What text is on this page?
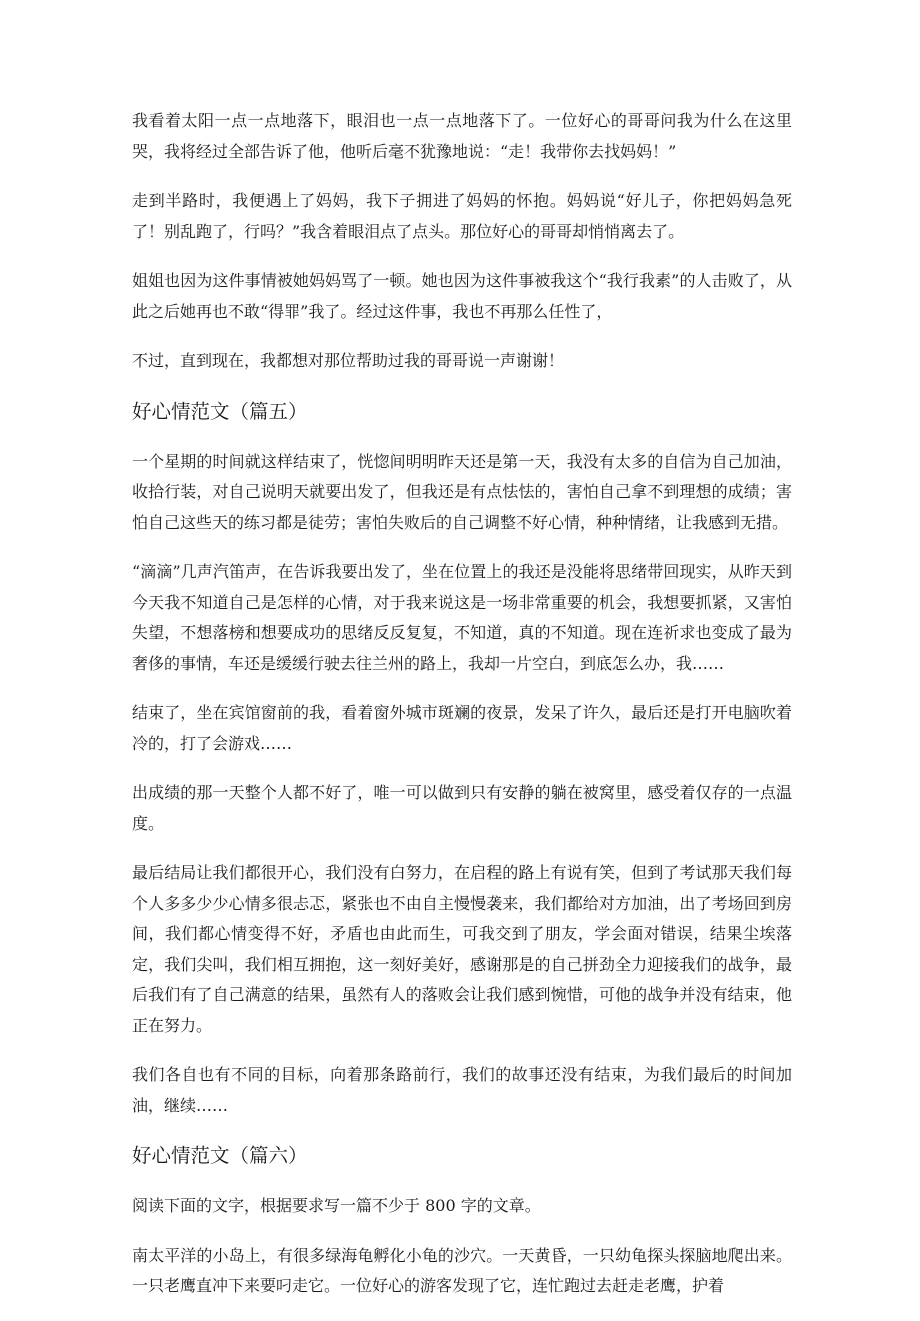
我看着太阳一点一点地落下，眼泪也一点一点地落下了。一位好心的哥哥问我为什么在这里哭，我将经过全部告诉了他，他听后毫不犹豫地说：“走！我带你去找妈妈！”

走到半路时，我便遇上了妈妈，我下子拥进了妈妈的怀抱。妈妈说“好儿子，你把妈妈急死了！别乱跑了，行吗？”我含着眼泪点了点头。那位好心的哥哥却悄悄离去了。

姐姐也因为这件事情被她妈妈骂了一顿。她也因为这件事被我这个“我行我素”的人击败了，从此之后她再也不敢“得罪”我了。经过这件事，我也不再那么任性了，

不过，直到现在，我都想对那位帮助过我的哥哥说一声谢谢！

好心情范文（篇五）

一个星期的时间就这样结束了，恍惚间明明昨天还是第一天，我没有太多的自信为自己加油，收拾行装，对自己说明天就要出发了，但我还是有点怯怯的，害怕自己拿不到理想的成绩；害怕自己这些天的练习都是徒劳；害怕失败后的自己调整不好心情，种种情绪，让我感到无措。

“滴滴”几声汽笛声，在告诉我要出发了，坐在位置上的我还是没能将思绪带回现实，从昨天到今天我不知道自己是怎样的心情，对于我来说这是一场非常重要的机会，我想要抓紧，又害怕失望，不想落榜和想要成功的思绪反反复复，不知道，真的不知道。现在连祈求也变成了最为奢侈的事情，车还是缓缓行驶去往兰州的路上，我却一片空白，到底怎么办，我……

结束了，坐在宾馆窗前的我，看着窗外城市斑斓的夜景，发呆了许久，最后还是打开电脑吹着冷的，打了会游戏……

出成绩的那一天整个人都不好了，唯一可以做到只有安静的躺在被窝里，感受着仅存的一点温度。

最后结局让我们都很开心，我们没有白努力，在启程的路上有说有笑，但到了考试那天我们每个人多多少少心情多很忐忑，紧张也不由自主慢慢袭来，我们都给对方加油，出了考场回到房间，我们都心情变得不好，矛盾也由此而生，可我交到了朋友，学会面对错误，结果尘埃落定，我们尖叫，我们相互拥抱，这一刻好美好，感谢那是的自己拼劲全力迎接我们的战争，最后我们有了自己满意的结果，虽然有人的落败会让我们感到惋惜，可他的战争并没有结束，他正在努力。

我们各自也有不同的目标，向着那条路前行，我们的故事还没有结束，为我们最后的时间加油，继续……

好心情范文（篇六）

阅读下面的文字，根据要求写一篇不少于 800 字的文章。

南太平洋的小岛上，有很多绿海龟孵化小龟的沙穴。一天黄昏，一只幼龟探头探脑地爬出来。一只老鹰直冲下来要叼走它。一位好心的游客发现了它，连忙跑过去赶走老鹰，护着
